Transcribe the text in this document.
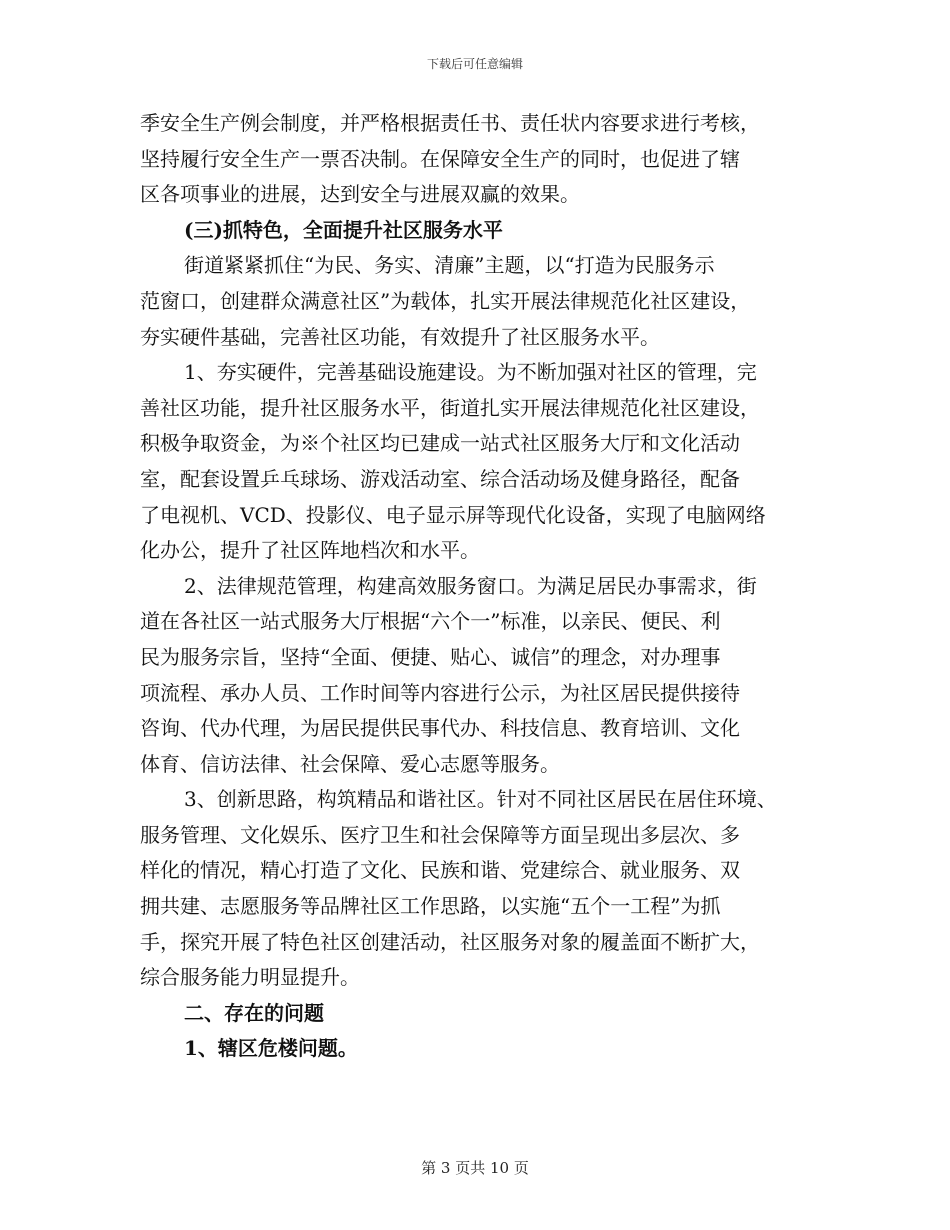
下载后可任意编辑
季安全生产例会制度，并严格根据责任书、责任状内容要求进行考核，
坚持履行安全生产一票否决制。在保障安全生产的同时，也促进了辖
区各项事业的进展，达到安全与进展双赢的效果。
(三)抓特色，全面提升社区服务水平
街道紧紧抓住“为民、务实、清廉”主题，以“打造为民服务示
范窗口，创建群众满意社区”为载体，扎实开展法律规范化社区建设，
夯实硬件基础，完善社区功能，有效提升了社区服务水平。
1、夯实硬件，完善基础设施建设。为不断加强对社区的管理，完
善社区功能，提升社区服务水平，街道扎实开展法律规范化社区建设，
积极争取资金，为※个社区均已建成一站式社区服务大厅和文化活动
室，配套设置乒乓球场、游戏活动室、综合活动场及健身路径，配备
了电视机、VCD、投影仪、电子显示屏等现代化设备，实现了电脑网络
化办公，提升了社区阵地档次和水平。
2、法律规范管理，构建高效服务窗口。为满足居民办事需求，街
道在各社区一站式服务大厅根据“六个一”标准，以亲民、便民、利
民为服务宗旨，坚持“全面、便捷、贴心、诚信”的理念，对办理事
项流程、承办人员、工作时间等内容进行公示，为社区居民提供接待
咨询、代办代理，为居民提供民事代办、科技信息、教育培训、文化
体育、信访法律、社会保障、爱心志愿等服务。
3、创新思路，构筑精品和谐社区。针对不同社区居民在居住环境、
服务管理、文化娱乐、医疗卫生和社会保障等方面呈现出多层次、多
样化的情况，精心打造了文化、民族和谐、党建综合、就业服务、双
拥共建、志愿服务等品牌社区工作思路，以实施“五个一工程”为抓
手，探究开展了特色社区创建活动，社区服务对象的履盖面不断扩大，
综合服务能力明显提升。
二、存在的问题
1、辖区危楼问题。
第 3 页共 10 页
